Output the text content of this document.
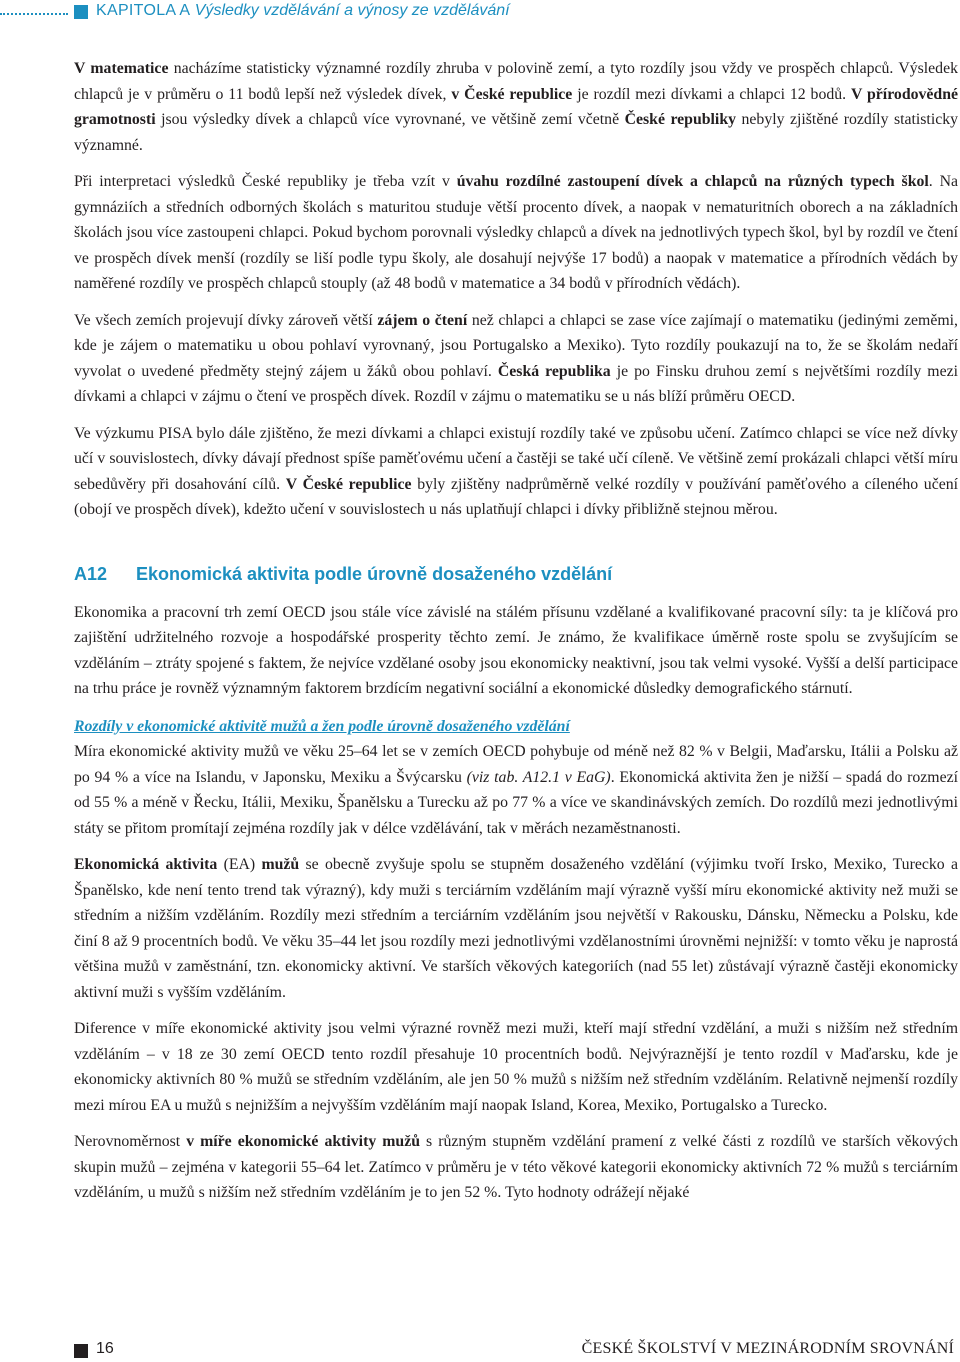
KAPITOLA A Výsledky vzdělávání a výnosy ze vzdělávání

V matematice nacházíme statisticky významné rozdíly zhruba v polovině zemí, a tyto rozdíly jsou vždy ve prospěch chlapců. Výsledek chlapců je v průměru o 11 bodů lepší než výsledek dívek, v České republice je rozdíl mezi dívkami a chlapci 12 bodů. V přírodovědné gramotnosti jsou výsledky dívek a chlapců více vyrovnané, ve většině zemí včetně České republiky nebyly zjištěné rozdíly statisticky významné.

Při interpretaci výsledků České republiky je třeba vzít v úvahu rozdílné zastoupení dívek a chlapců na různých typech škol. Na gymnáziích a středních odborných školách s maturitou studuje větší procento dívek, a naopak v nematuritních oborech a na základních školách jsou více zastoupeni chlapci. Pokud bychom porovnali výsledky chlapců a dívek na jednotlivých typech škol, byl by rozdíl ve čtení ve prospěch dívek menší (rozdíly se liší podle typu školy, ale dosahují nejvýše 17 bodů) a naopak v matematice a přírodních vědách by naměřené rozdíly ve prospěch chlapců stouply (až 48 bodů v matematice a 34 bodů v přírodních vědách).

Ve všech zemích projevují dívky zároveň větší zájem o čtení než chlapci a chlapci se zase více zajímají o matematiku (jedinými zeměmi, kde je zájem o matematiku u obou pohlaví vyrovnaný, jsou Portugalsko a Mexiko). Tyto rozdíly poukazují na to, že se školám nedaří vyvolat o uvedené předměty stejný zájem u žáků obou pohlaví. Česká republika je po Finsku druhou zemí s největšími rozdíly mezi dívkami a chlapci v zájmu o čtení ve prospěch dívek. Rozdíl v zájmu o matematiku se u nás blíží průměru OECD.

Ve výzkumu PISA bylo dále zjištěno, že mezi dívkami a chlapci existují rozdíly také ve způsobu učení. Zatímco chlapci se více než dívky učí v souvislostech, dívky dávají přednost spíše paměťovému učení a častěji se také učí cíleně. Ve většině zemí prokázali chlapci větší míru sebedůvěry při dosahování cílů. V České republice byly zjištěny nadprůměrně velké rozdíly v používání paměťového a cíleného učení (obojí ve prospěch dívek), kdežto učení v souvislostech u nás uplatňují chlapci i dívky přibližně stejnou měrou.

A12 Ekonomická aktivita podle úrovně dosaženého vzdělání

Ekonomika a pracovní trh zemí OECD jsou stále více závislé na stálém přísunu vzdělané a kvalifikované pracovní síly: ta je klíčová pro zajištění udržitelného rozvoje a hospodářské prosperity těchto zemí. Je známo, že kvalifikace úměrně roste spolu se zvyšujícím se vzděláním – ztráty spojené s faktem, že nejvíce vzdělané osoby jsou ekonomicky neaktivní, jsou tak velmi vysoké. Vyšší a delší participace na trhu práce je rovněž významným faktorem brzdícím negativní sociální a ekonomické důsledky demografického stárnutí.

Rozdíly v ekonomické aktivitě mužů a žen podle úrovně dosaženého vzdělání

Míra ekonomické aktivity mužů ve věku 25–64 let se v zemích OECD pohybuje od méně než 82 % v Belgii, Maďarsku, Itálii a Polsku až po 94 % a více na Islandu, v Japonsku, Mexiku a Švýcarsku (viz tab. A12.1 v EaG). Ekonomická aktivita žen je nižší – spadá do rozmezí od 55 % a méně v Řecku, Itálii, Mexiku, Španělsku a Turecku až po 77 % a více ve skandinávských zemích. Do rozdílů mezi jednotlivými státy se přitom promítají zejména rozdíly jak v délce vzdělávání, tak v měrách nezaměstnanosti.

Ekonomická aktivita (EA) mužů se obecně zvyšuje spolu se stupněm dosaženého vzdělání (výjimku tvoří Irsko, Mexiko, Turecko a Španělsko, kde není tento trend tak výrazný), kdy muži s terciárním vzděláním mají výrazně vyšší míru ekonomické aktivity než muži se středním a nižším vzděláním. Rozdíly mezi středním a terciárním vzděláním jsou největší v Rakousku, Dánsku, Německu a Polsku, kde činí 8 až 9 procentních bodů. Ve věku 35–44 let jsou rozdíly mezi jednotlivými vzdělanostními úrovněmi nejnižší: v tomto věku je naprostá většina mužů v zaměstnání, tzn. ekonomicky aktivní. Ve starších věkových kategoriích (nad 55 let) zůstávají výrazně častěji ekonomicky aktivní muži s vyšším vzděláním.

Diference v míře ekonomické aktivity jsou velmi výrazné rovněž mezi muži, kteří mají střední vzdělání, a muži s nižším než středním vzděláním – v 18 ze 30 zemí OECD tento rozdíl přesahuje 10 procentních bodů. Nejvýraznější je tento rozdíl v Maďarsku, kde je ekonomicky aktivních 80 % mužů se středním vzděláním, ale jen 50 % mužů s nižším než středním vzděláním. Relativně nejmenší rozdíly mezi mírou EA u mužů s nejnižším a nejvyšším vzděláním mají naopak Island, Korea, Mexiko, Portugalsko a Turecko.

Nerovnoměrnost v míře ekonomické aktivity mužů s různým stupněm vzdělání pramení z velké části z rozdílů ve starších věkových skupin mužů – zejména v kategorii 55–64 let. Zatímco v průměru je v této věkové kategorii ekonomicky aktivních 72 % mužů s terciárním vzděláním, u mužů s nižším než středním vzděláním je to jen 52 %. Tyto hodnoty odrážejí nějaké

16	ČESKÉ ŠKOLSTVÍ V MEZINÁRODNÍM SROVNÁNÍ
